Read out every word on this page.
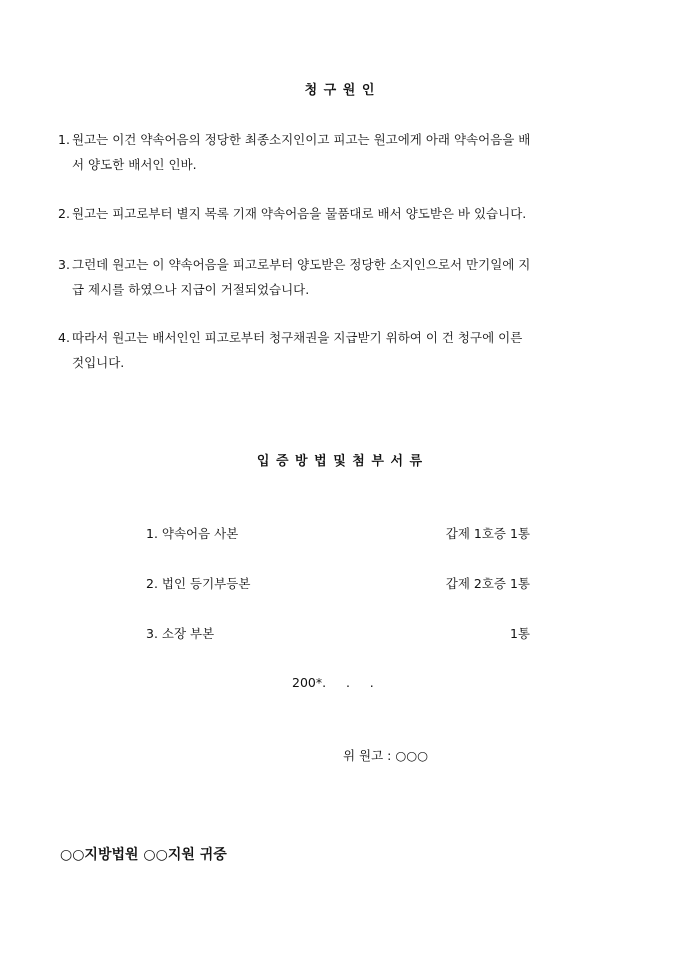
청 구 원 인
1. 원고는 이건 약속어음의 정당한 최종소지인이고 피고는 원고에게 아래 약속어음을 배
서 양도한 배서인 인바.
2. 원고는 피고로부터 별지 목록 기재 약속어음을 물품대로 배서 양도받은 바 있습니다.
3. 그런데 원고는 이 약속어음을 피고로부터 양도받은 정당한 소지인으로서 만기일에 지
급 제시를 하였으나 지급이 거절되었습니다.
4. 따라서 원고는 배서인인 피고로부터 청구채권을 지급받기 위하여 이 건 청구에 이른
것입니다.
입 증 방 법 및 첨 부 서 류
1. 약속어음 사본	갑제 1호증 1통
2. 법인 등기부등본	갑제 2호증 1통
3. 소장 부본	1통
200*.     .     .
위 원고 : ○○○
○○지방법원 ○○지원 귀중
